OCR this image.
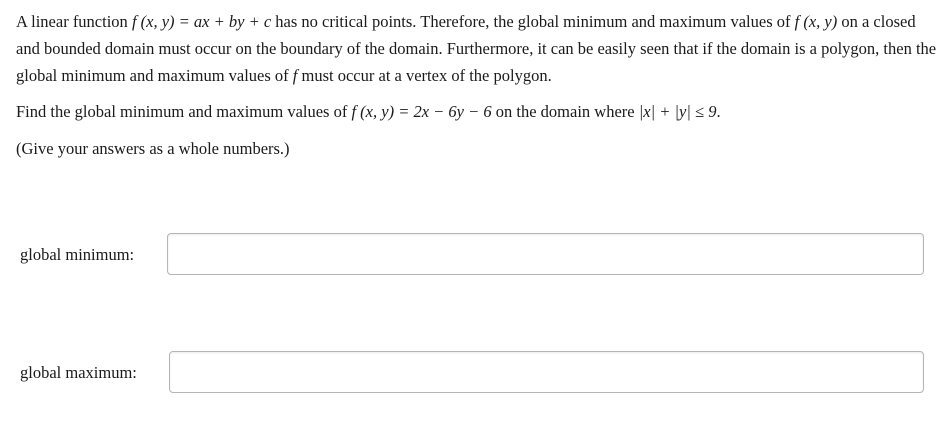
A linear function f (x, y) = ax + by + c has no critical points. Therefore, the global minimum and maximum values of f (x, y) on a closed and bounded domain must occur on the boundary of the domain. Furthermore, it can be easily seen that if the domain is a polygon, then the global minimum and maximum values of f must occur at a vertex of the polygon.

Find the global minimum and maximum values of f (x, y) = 2x − 6y − 6 on the domain where |x| + |y| ≤ 9.

(Give your answers as a whole numbers.)

global minimum:
global maximum:
